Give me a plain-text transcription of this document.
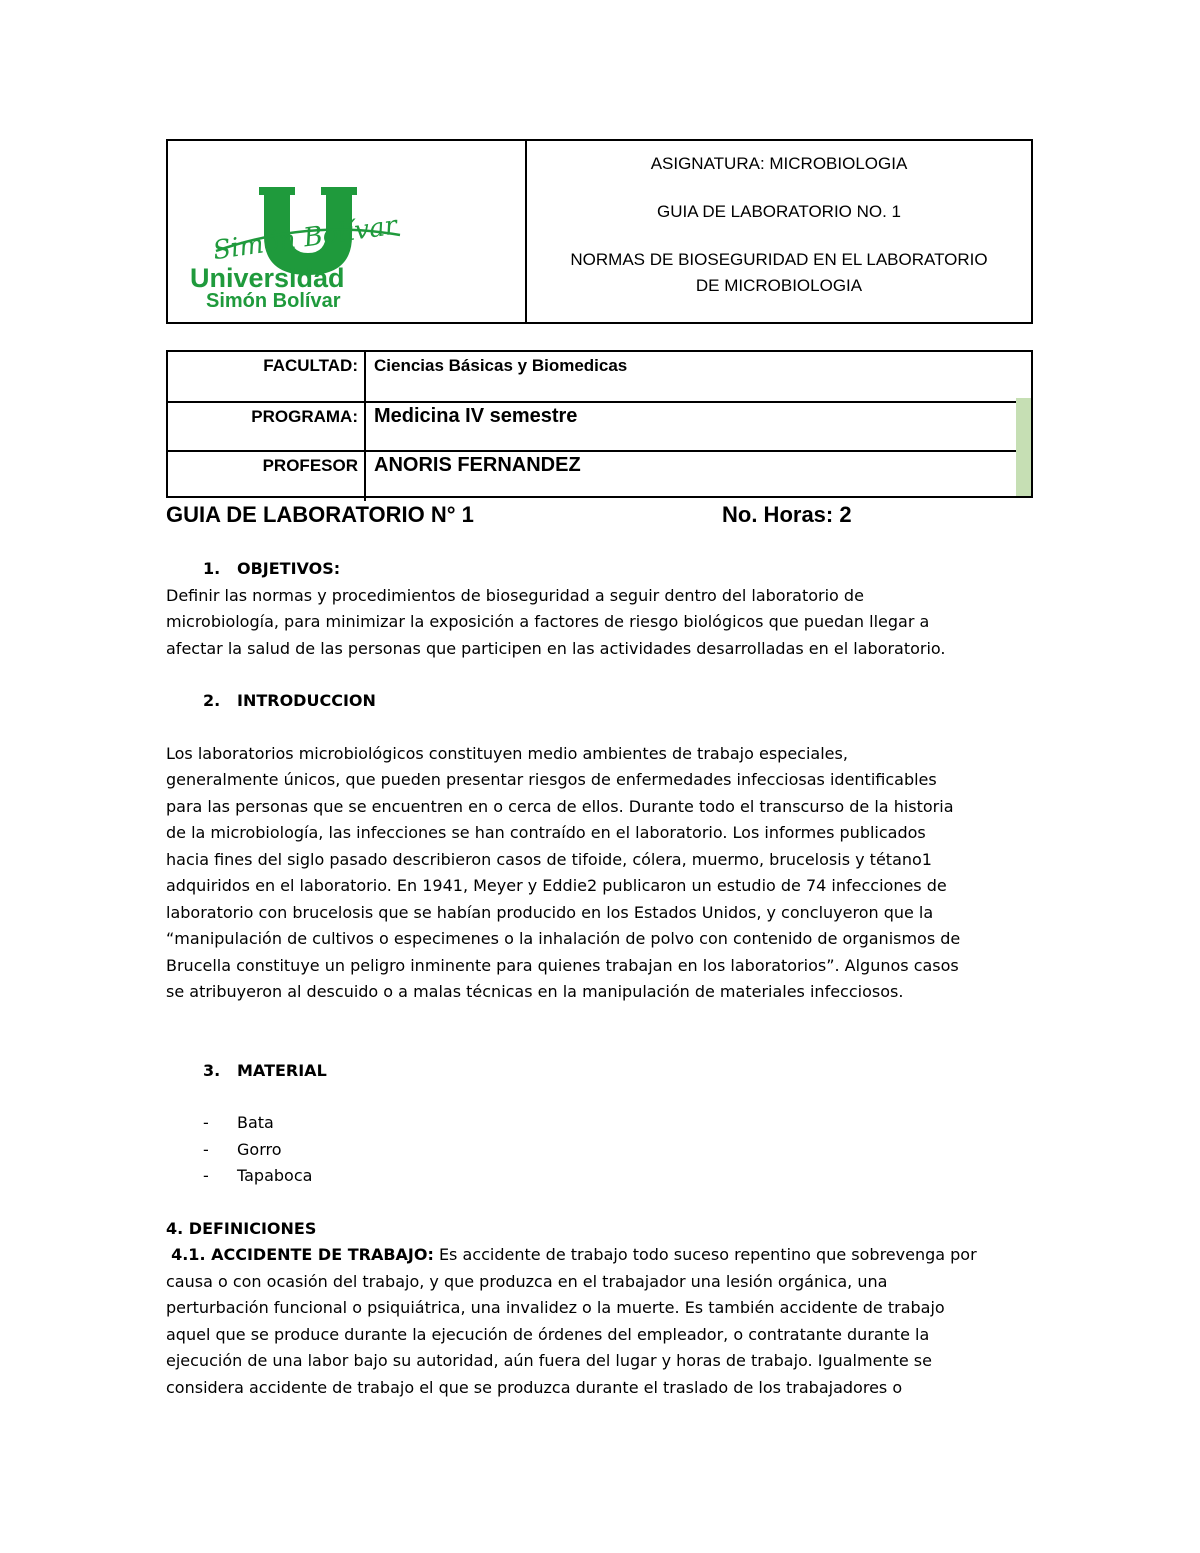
Simón Bolívar
Universidad
Simón Bolívar
ASIGNATURA: MICROBIOLOGIA
GUIA DE LABORATORIO NO. 1
NORMAS DE BIOSEGURIDAD EN EL LABORATORIO
DE MICROBIOLOGIA
FACULTAD: Ciencias Básicas y Biomedicas
PROGRAMA: Medicina IV semestre
PROFESOR ANORIS FERNANDEZ
GUIA DE LABORATORIO N° 1	No. Horas: 2

1. OBJETIVOS:

Definir las normas y procedimientos de bioseguridad a seguir dentro del laboratorio de

microbiología, para minimizar la exposición a factores de riesgo biológicos que puedan llegar a

afectar la salud de las personas que participen en las actividades desarrolladas en el laboratorio.

2. INTRODUCCION

Los laboratorios microbiológicos constituyen medio ambientes de trabajo especiales,

generalmente únicos, que pueden presentar riesgos de enfermedades infecciosas identificables

para las personas que se encuentren en o cerca de ellos. Durante todo el transcurso de la historia

de la microbiología, las infecciones se han contraído en el laboratorio. Los informes publicados

hacia fines del siglo pasado describieron casos de tifoide, cólera, muermo, brucelosis y tétano1

adquiridos en el laboratorio. En 1941, Meyer y Eddie2 publicaron un estudio de 74 infecciones de

laboratorio con brucelosis que se habían producido en los Estados Unidos, y concluyeron que la

“manipulación de cultivos o especimenes o la inhalación de polvo con contenido de organismos de

Brucella constituye un peligro inminente para quienes trabajan en los laboratorios”. Algunos casos

se atribuyeron al descuido o a malas técnicas en la manipulación de materiales infecciosos.

3. MATERIAL

- Bata
- Gorro
- Tapaboca

4. DEFINICIONES

4.1. ACCIDENTE DE TRABAJO: Es accidente de trabajo todo suceso repentino que sobrevenga por

causa o con ocasión del trabajo, y que produzca en el trabajador una lesión orgánica, una

perturbación funcional o psiquiátrica, una invalidez o la muerte. Es también accidente de trabajo

aquel que se produce durante la ejecución de órdenes del empleador, o contratante durante la

ejecución de una labor bajo su autoridad, aún fuera del lugar y horas de trabajo. Igualmente se

considera accidente de trabajo el que se produzca durante el traslado de los trabajadores o
